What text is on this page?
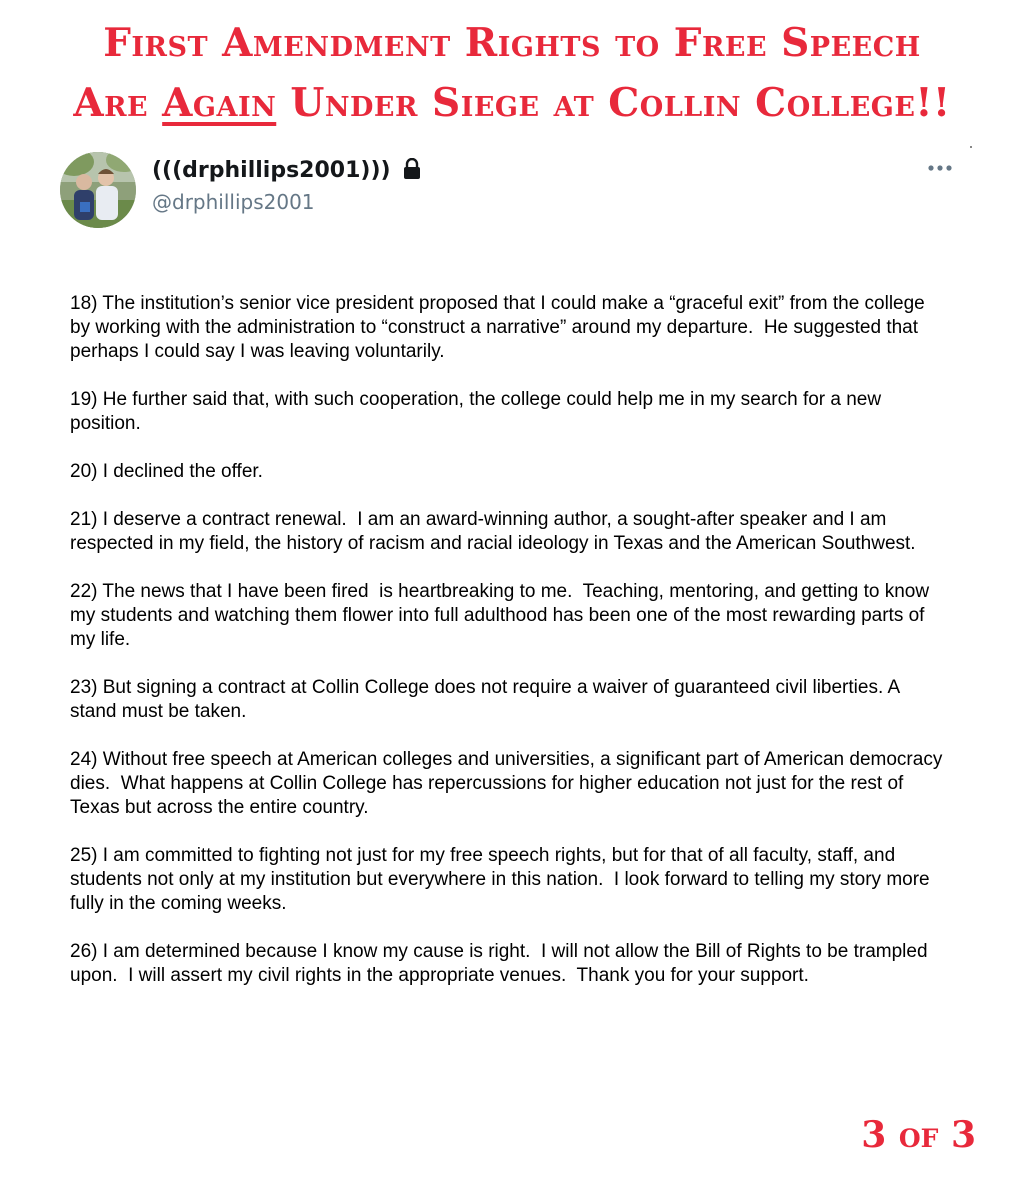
First Amendment Rights to Free Speech
Are Again Under Siege at Collin College!!
(((drphillips2001)))
@drphillips2001

18) The institution’s senior vice president proposed that I could make a “graceful exit” from the college by working with the administration to “construct a narrative” around my departure.  He suggested that perhaps I could say I was leaving voluntarily.

19) He further said that, with such cooperation, the college could help me in my search for a new position.

20) I declined the offer.

21) I deserve a contract renewal.  I am an award-winning author, a sought-after speaker and I am respected in my field, the history of racism and racial ideology in Texas and the American Southwest.

22) The news that I have been fired  is heartbreaking to me.  Teaching, mentoring, and getting to know my students and watching them flower into full adulthood has been one of the most rewarding parts of my life.

23) But signing a contract at Collin College does not require a waiver of guaranteed civil liberties. A stand must be taken.

24) Without free speech at American colleges and universities, a significant part of American democracy dies.  What happens at Collin College has repercussions for higher education not just for the rest of Texas but across the entire country.

25) I am committed to fighting not just for my free speech rights, but for that of all faculty, staff, and students not only at my institution but everywhere in this nation.  I look forward to telling my story more fully in the coming weeks.

26) I am determined because I know my cause is right.  I will not allow the Bill of Rights to be trampled upon.  I will assert my civil rights in the appropriate venues.  Thank you for your support.

3 of 3
